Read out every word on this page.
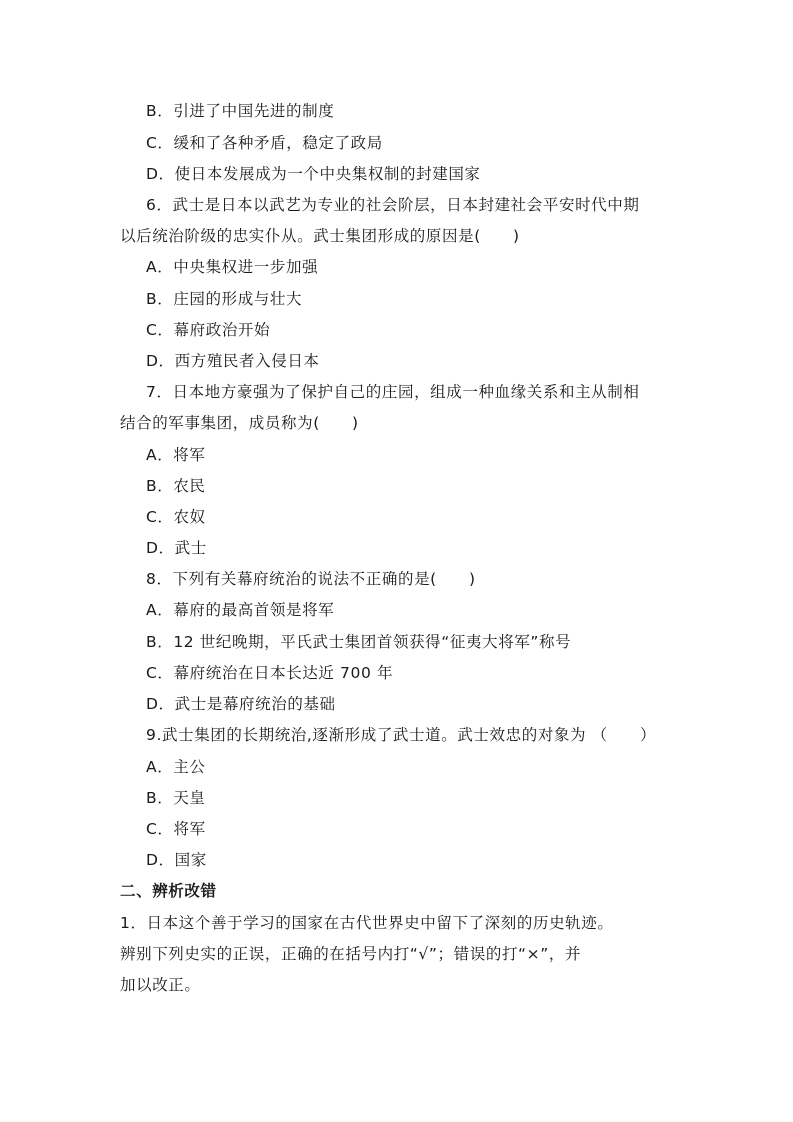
B．引进了中国先进的制度
C．缓和了各种矛盾，稳定了政局
D．使日本发展成为一个中央集权制的封建国家
6．武士是日本以武艺为专业的社会阶层，日本封建社会平安时代中期
以后统治阶级的忠实仆从。武士集团形成的原因是(　　)
A．中央集权进一步加强
B．庄园的形成与壮大
C．幕府政治开始
D．西方殖民者入侵日本
7．日本地方豪强为了保护自己的庄园，组成一种血缘关系和主从制相
结合的军事集团，成员称为(　　)
A．将军
B．农民
C．农奴
D．武士
8．下列有关幕府统治的说法不正确的是(　　)
A．幕府的最高首领是将军
B．12 世纪晚期，平氏武士集团首领获得“征夷大将军”称号
C．幕府统治在日本长达近 700 年
D．武士是幕府统治的基础
9.武士集团的长期统治,逐渐形成了武士道。武士效忠的对象为 （　　）
A．主公
B．天皇
C．将军
D．国家
二、辨析改错
1．日本这个善于学习的国家在古代世界史中留下了深刻的历史轨迹。
辨别下列史实的正误，正确的在括号内打“√”；错误的打“×”，并
加以改正。
